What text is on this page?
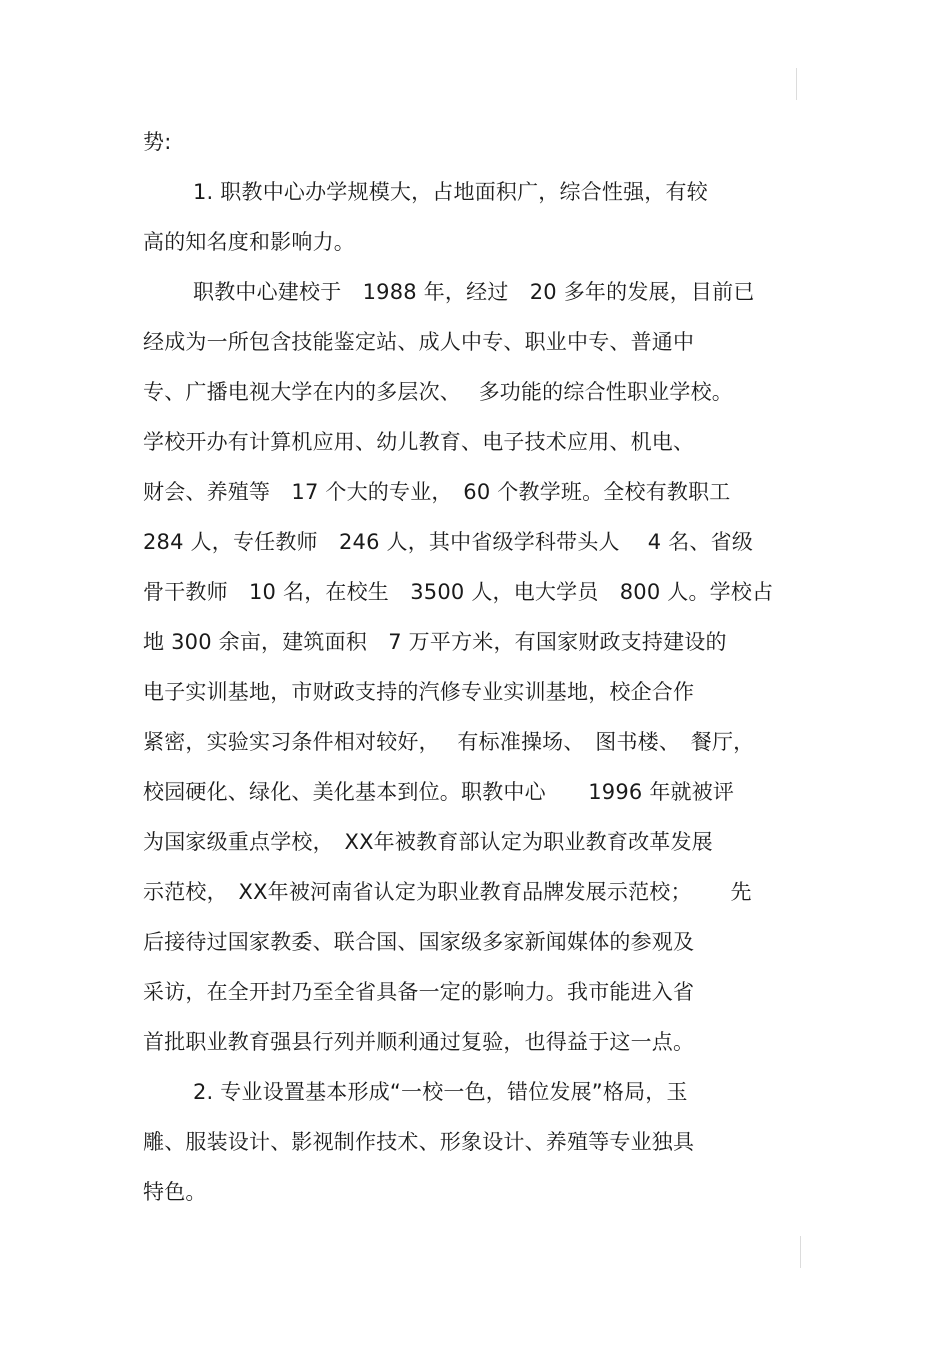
势:
1. 职教中心办学规模大，占地面积广，综合性强，有较
高的知名度和影响力。
职教中心建校于　1988 年，经过　20 多年的发展，目前已
经成为一所包含技能鉴定站、成人中专、职业中专、普通中
专、广播电视大学在内的多层次、　 多功能的综合性职业学校。
学校开办有计算机应用、幼儿教育、电子技术应用、机电、
财会、养殖等　17 个大的专业，　60 个教学班。全校有教职工
284 人，专任教师　246 人，其中省级学科带头人　 4 名、省级
骨干教师　10 名，在校生　3500 人，电大学员　800 人。学校占
地 300 余亩，建筑面积　7 万平方米，有国家财政支持建设的
电子实训基地，市财政支持的汽修专业实训基地，校企合作
紧密，实验实习条件相对较好，　 有标准操场、　图书楼、　餐厅，
校园硬化、绿化、美化基本到位。职教中心　　1996 年就被评
为国家级重点学校，　XX年被教育部认定为职业教育改革发展
示范校，　XX年被河南省认定为职业教育品牌发展示范校；　　 先
后接待过国家教委、联合国、国家级多家新闻媒体的参观及
采访，在全开封乃至全省具备一定的影响力。我市能进入省
首批职业教育强县行列并顺利通过复验，也得益于这一点。
2. 专业设置基本形成“一校一色，错位发展”格局，玉
雕、服装设计、影视制作技术、形象设计、养殖等专业独具
特色。
